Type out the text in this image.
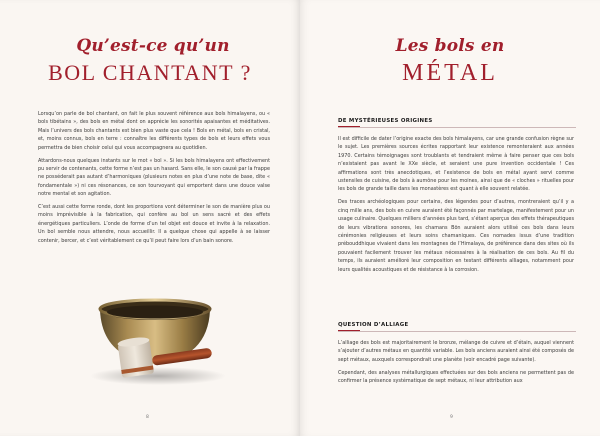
Qu’est-ce qu’un
BOL CHANTANT ?

Lorsqu’on parle de bol chantant, on fait le plus souvent référence aux bols himalayens, ou « bols tibétains », des bols en métal dont on apprécie les sonorités apaisantes et méditatives. Mais l’univers des bols chantants est bien plus vaste que cela ! Bols en métal, bols en cristal, et, moins connus, bols en terre : connaître les différents types de bols et leurs effets vous permettra de bien choisir celui qui vous accompagnera au quotidien.

Attardons-nous quelques instants sur le mot « bol ». Si les bols himalayens ont effectivement pu servir de contenants, cette forme n’est pas un hasard. Sans elle, le son causé par la frappe ne posséderait pas autant d’harmoniques (plusieurs notes en plus d’une note de base, dite « fondamentale ») ni ces résonances, ce son tourvoyant qui emportent dans une douce valse notre mental et son agitation.

C’est aussi cette forme ronde, dont les proportions vont déterminer le son de manière plus ou moins imprévisible à la fabrication, qui confère au bol un sens sacré et des effets énergétiques particuliers. L’onde de forme d’un tel objet est douce et invite à la relaxation. Un bol semble nous attendre, nous accueillir. Il a quelque chose qui appelle à se laisser contenir, bercer, et c’est véritablement ce qu’il peut faire lors d’un bain sonore.

8
Les bols en
MÉTAL
DE MYSTÉRIEUSES ORIGINES

Il est difficile de dater l’origine exacte des bols himalayens, car une grande confusion règne sur le sujet. Les premières sources écrites rapportant leur existence remonteraient aux années 1970. Certains témoignages sont troublants et tendraient même à faire penser que ces bols n’existaient pas avant le XXe siècle, et seraient une pure invention occidentale ! Ces affirmations sont très anecdotiques, et l’existence de bols en métal ayant servi comme ustensiles de cuisine, de bols à aumône pour les moines, ainsi que de « cloches » rituelles pour les bols de grande taille dans les monastères est quant à elle souvent relatée.

Des traces archéologiques pour certains, des légendes pour d’autres, montreraient qu’il y a cinq mille ans, des bols en cuivre auraient été façonnés par martelage, manifestement pour un usage culinaire. Quelques milliers d’années plus tard, s’étant aperçus des effets thérapeutiques de leurs vibrations sonores, les chamans Bön auraient alors utilisé ces bols dans leurs cérémonies religieuses et leurs soins chamaniques. Ces nomades issus d’une tradition prébouddhique vivaient dans les montagnes de l’Himalaya, de préférence dans des sites où ils pouvaient facilement trouver les métaux nécessaires à la réalisation de ces bols. Au fil du temps, ils auraient amélioré leur composition en testant différents alliages, notamment pour leurs qualités acoustiques et de résistance à la corrosion.

QUESTION D’ALLIAGE

L’alliage des bols est majoritairement le bronze, mélange de cuivre et d’étain, auquel viennent s’ajouter d’autres métaux en quantité variable. Les bols anciens auraient ainsi été composés de sept métaux, auxquels correspondrait une planète (voir encadré page suivante).

Cependant, des analyses métallurgiques effectuées sur des bols anciens ne permettent pas de confirmer la présence systématique de sept métaux, ni leur attribution aux

9
